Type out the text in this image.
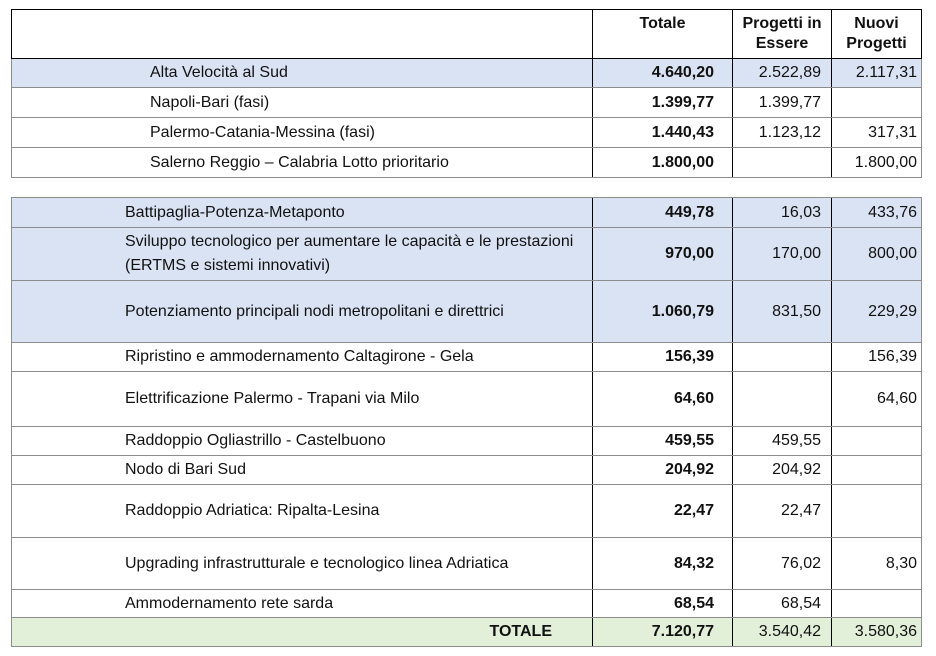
	Totale	Progetti in Essere	Nuovi Progetti
Alta Velocità al Sud	4.640,20	2.522,89	2.117,31
Napoli-Bari (fasi)	1.399,77	1.399,77	
Palermo-Catania-Messina (fasi)	1.440,43	1.123,12	317,31
Salerno Reggio – Calabria Lotto prioritario	1.800,00		1.800,00

Battipaglia-Potenza-Metaponto	449,78	16,03	433,76
Sviluppo tecnologico per aumentare le capacità e le prestazioni (ERTMS e sistemi innovativi)	970,00	170,00	800,00
Potenziamento principali nodi metropolitani e direttrici	1.060,79	831,50	229,29
Ripristino e ammodernamento Caltagirone - Gela	156,39		156,39
Elettrificazione Palermo - Trapani via Milo	64,60		64,60
Raddoppio Ogliastrillo - Castelbuono	459,55	459,55	
Nodo di Bari Sud	204,92	204,92	
Raddoppio Adriatica: Ripalta-Lesina	22,47	22,47	
Upgrading infrastrutturale e tecnologico linea Adriatica	84,32	76,02	8,30
Ammodernamento rete sarda	68,54	68,54	
TOTALE	7.120,77	3.540,42	3.580,36
